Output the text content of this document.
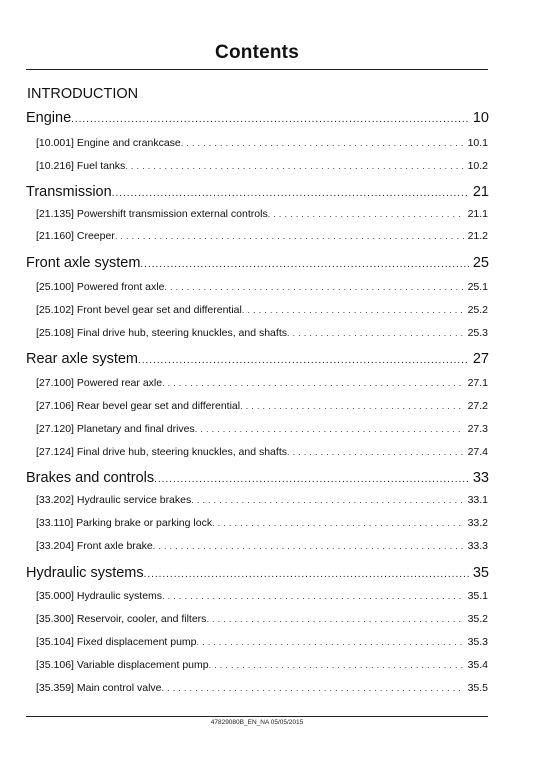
Contents
INTRODUCTION
Engine . . .	10
[10.001] Engine and crankcase . . .	10.1
[10.216] Fuel tanks . . .	10.2
Transmission . . .	21
[21.135] Powershift transmission external controls . . .	21.1
[21.160] Creeper . . .	21.2
Front axle system . . .	25
[25.100] Powered front axle . . .	25.1
[25.102] Front bevel gear set and differential . . .	25.2
[25.108] Final drive hub, steering knuckles, and shafts . . .	25.3
Rear axle system . . .	27
[27.100] Powered rear axle . . .	27.1
[27.106] Rear bevel gear set and differential . . .	27.2
[27.120] Planetary and final drives . . .	27.3
[27.124] Final drive hub, steering knuckles, and shafts . . .	27.4
Brakes and controls . . .	33
[33.202] Hydraulic service brakes . . .	33.1
[33.110] Parking brake or parking lock . . .	33.2
[33.204] Front axle brake . . .	33.3
Hydraulic systems . . .	35
[35.000] Hydraulic systems . . .	35.1
[35.300] Reservoir, cooler, and filters . . .	35.2
[35.104] Fixed displacement pump . . .	35.3
[35.106] Variable displacement pump . . .	35.4
[35.359] Main control valve . . .	35.5
47829080B_EN_NA 05/05/2015
